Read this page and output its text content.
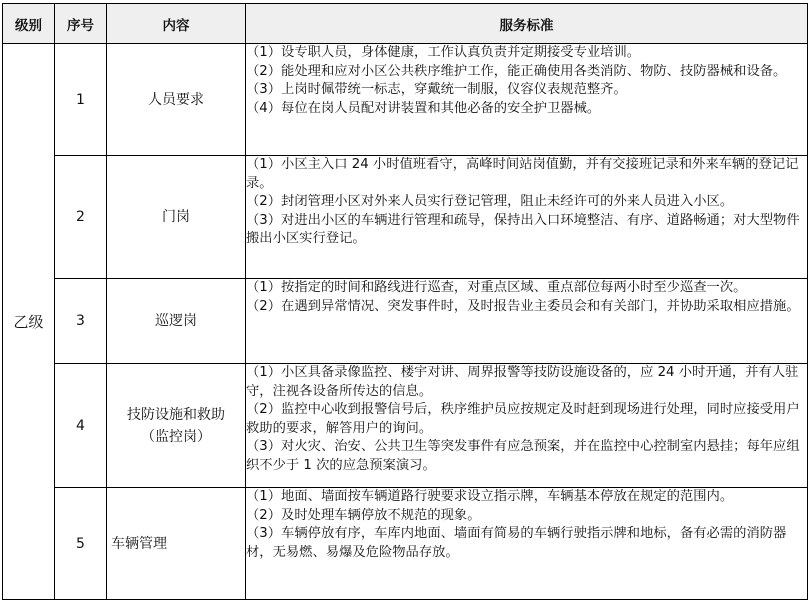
级别	序号	内容	服务标准
乙级	1	人员要求	（1）设专职人员，身体健康，工作认真负责并定期接受专业培训。
（2）能处理和应对小区公共秩序维护工作，能正确使用各类消防、物防、技防器械和设备。
（3）上岗时佩带统一标志，穿戴统一制服，仪容仪表规范整齐。
（4）每位在岗人员配对讲装置和其他必备的安全护卫器械。

	2	门岗	（1）小区主入口 24 小时值班看守，高峰时间站岗值勤，并有交接班记录和外来车辆的登记记录。
（2）封闭管理小区对外来人员实行登记管理，阻止未经许可的外来人员进入小区。
（3）对进出小区的车辆进行管理和疏导，保持出入口环境整洁、有序、道路畅通；对大型物件搬出小区实行登记。

	3	巡逻岗	（1）按指定的时间和路线进行巡查，对重点区域、重点部位每两小时至少巡查一次。
（2）在遇到异常情况、突发事件时，及时报告业主委员会和有关部门，并协助采取相应措施。

	4	技防设施和救助
（监控岗）	（1）小区具备录像监控、楼宇对讲、周界报警等技防设施设备的，应 24 小时开通，并有人驻守，注视各设备所传达的信息。
（2）监控中心收到报警信号后，秩序维护员应按规定及时赶到现场进行处理，同时应接受用户救助的要求，解答用户的询问。
（3）对火灾、治安、公共卫生等突发事件有应急预案，并在监控中心控制室内悬挂；每年应组织不少于 1 次的应急预案演习。

	5	车辆管理	（1）地面、墙面按车辆道路行驶要求设立指示牌，车辆基本停放在规定的范围内。
（2）及时处理车辆停放不规范的现象。
（3）车辆停放有序，车库内地面、墙面有简易的车辆行驶指示牌和地标，备有必需的消防器材，无易燃、易爆及危险物品存放。
